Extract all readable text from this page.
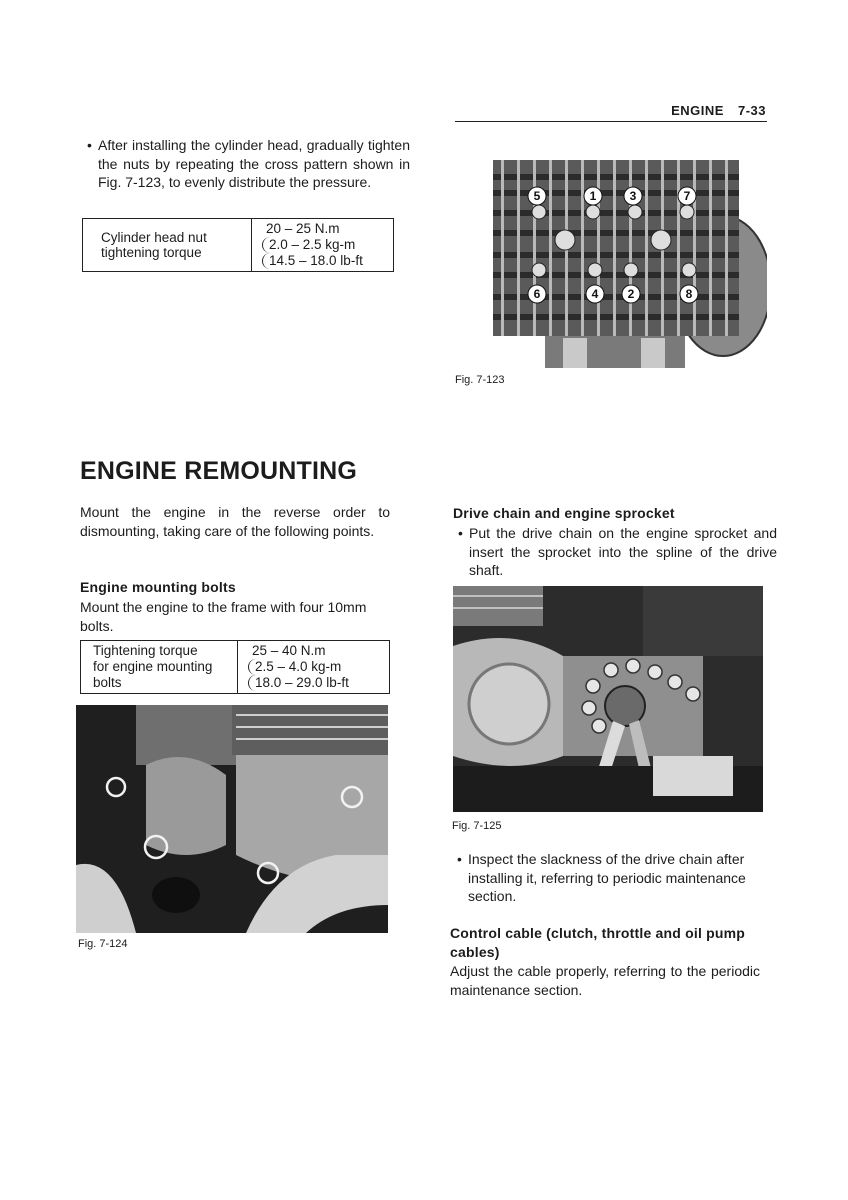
ENGINE 7-33
• After installing the cylinder head, gradually tighten the nuts by repeating the cross pattern shown in Fig. 7-123, to evenly distribute the pressure.
Cylinder head nut
tightening torque

20 – 25 N.m
2.0 – 2.5 kg-m
14.5 – 18.0 lb-ft
5	1	3	7
6	4 2	8
Fig. 7-123
ENGINE REMOUNTING
Mount the engine in the reverse order to dismounting, taking care of the following points.
Engine mounting bolts
Mount the engine to the frame with four 10mm bolts.
Tightening torque
for engine mounting
bolts

25 – 40 N.m
2.5 – 4.0 kg-m
18.0 – 29.0 lb-ft
Fig. 7-124
Drive chain and engine sprocket
• Put the drive chain on the engine sprocket and insert the sprocket into the spline of the drive shaft.
Fig. 7-125
• Inspect the slackness of the drive chain after installing it, referring to periodic maintenance section.
Control cable (clutch, throttle and oil pump cables)
Adjust the cable properly, referring to the periodic maintenance section.
